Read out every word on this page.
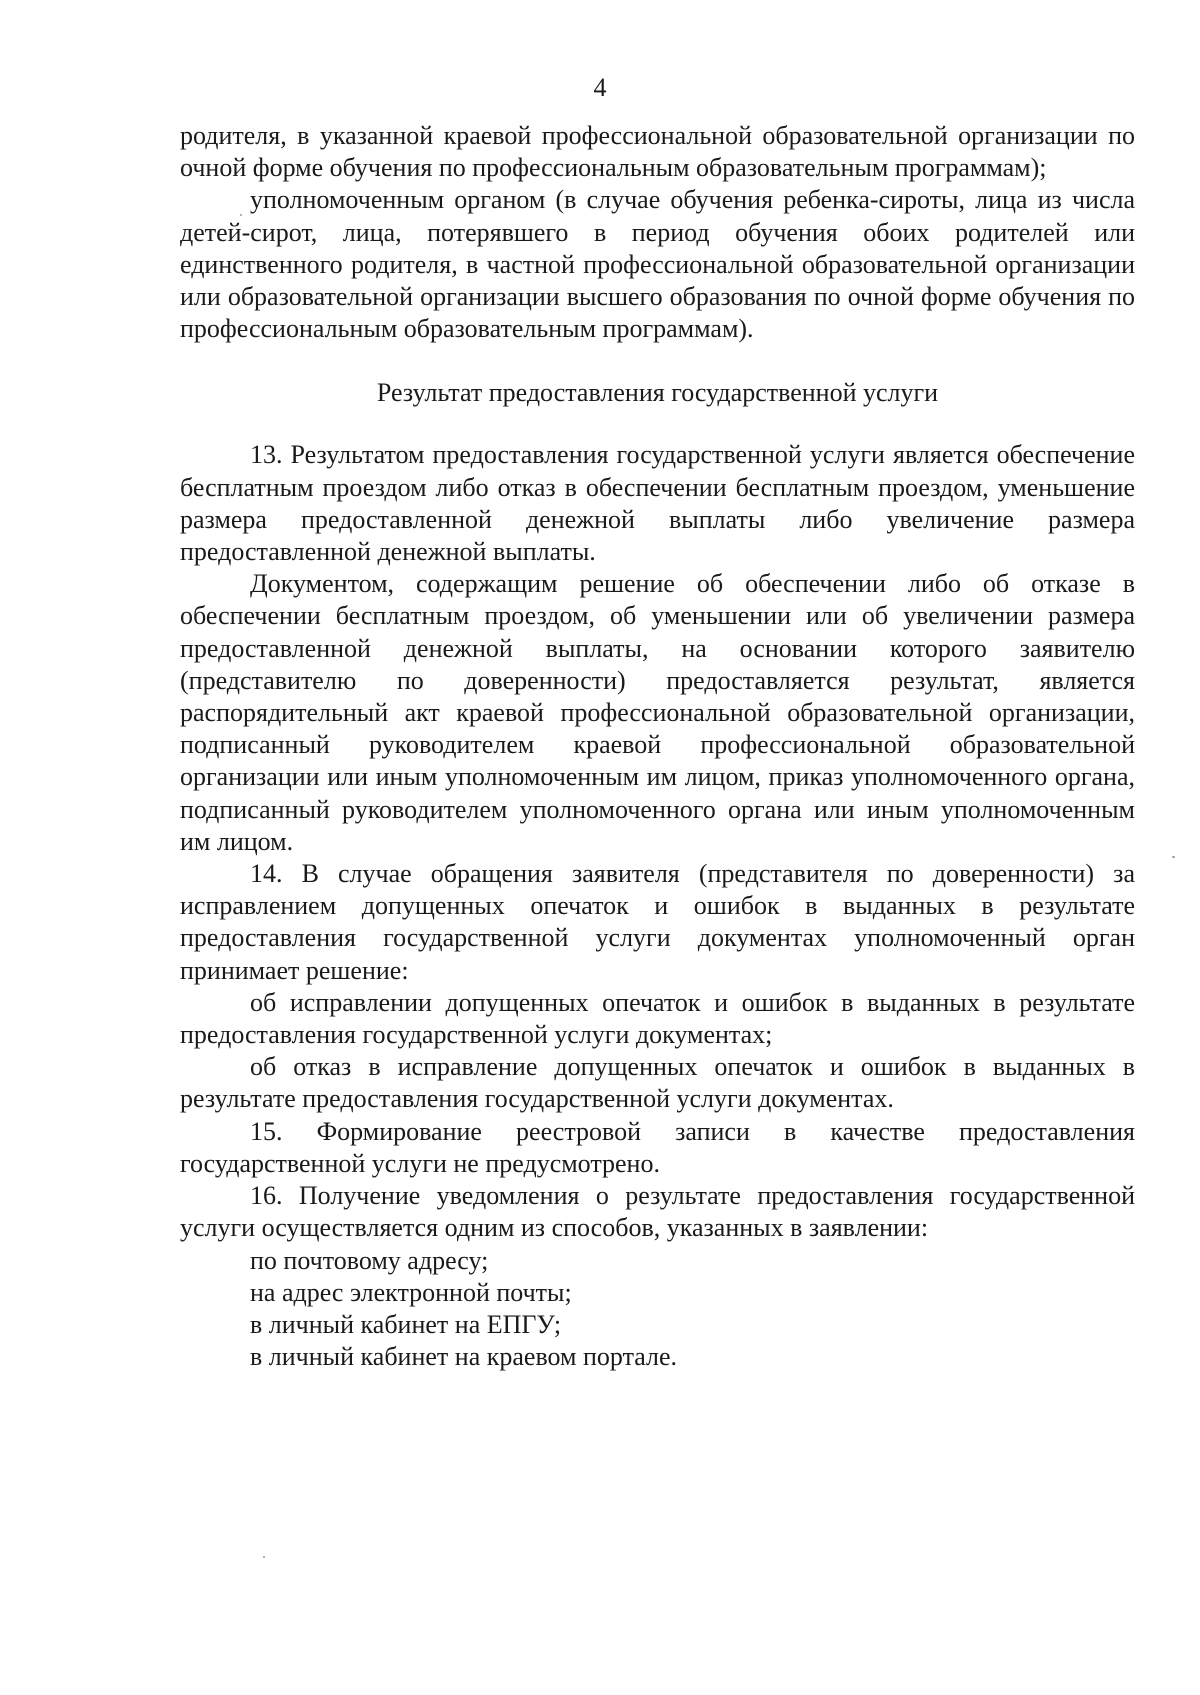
4

родителя, в указанной краевой профессиональной образовательной организации по очной форме обучения по профессиональным образовательным программам);

уполномоченным органом (в случае обучения ребенка-сироты, лица из числа детей-сирот, лица, потерявшего в период обучения обоих родителей или единственного родителя, в частной профессиональной образовательной организации или образовательной организации высшего образования по очной форме обучения по профессиональным образовательным программам).

Результат предоставления государственной услуги

13. Результатом предоставления государственной услуги является обеспечение бесплатным проездом либо отказ в обеспечении бесплатным проездом, уменьшение размера предоставленной денежной выплаты либо увеличение размера предоставленной денежной выплаты.

Документом, содержащим решение об обеспечении либо об отказе в обеспечении бесплатным проездом, об уменьшении или об увеличении размера предоставленной денежной выплаты, на основании которого заявителю (представителю по доверенности) предоставляется результат, является распорядительный акт краевой профессиональной образовательной организации, подписанный руководителем краевой профессиональной образовательной организации или иным уполномоченным им лицом, приказ уполномоченного органа, подписанный руководителем уполномоченного органа или иным уполномоченным им лицом.

14. В случае обращения заявителя (представителя по доверенности) за исправлением допущенных опечаток и ошибок в выданных в результате предоставления государственной услуги документах уполномоченный орган принимает решение:

об исправлении допущенных опечаток и ошибок в выданных в результате предоставления государственной услуги документах;

об отказ в исправление допущенных опечаток и ошибок в выданных в результате предоставления государственной услуги документах.

15. Формирование реестровой записи в качестве предоставления государственной услуги не предусмотрено.

16. Получение уведомления о результате предоставления государственной услуги осуществляется одним из способов, указанных в заявлении:

по почтовому адресу;

на адрес электронной почты;

в личный кабинет на ЕПГУ;

в личный кабинет на краевом портале.
